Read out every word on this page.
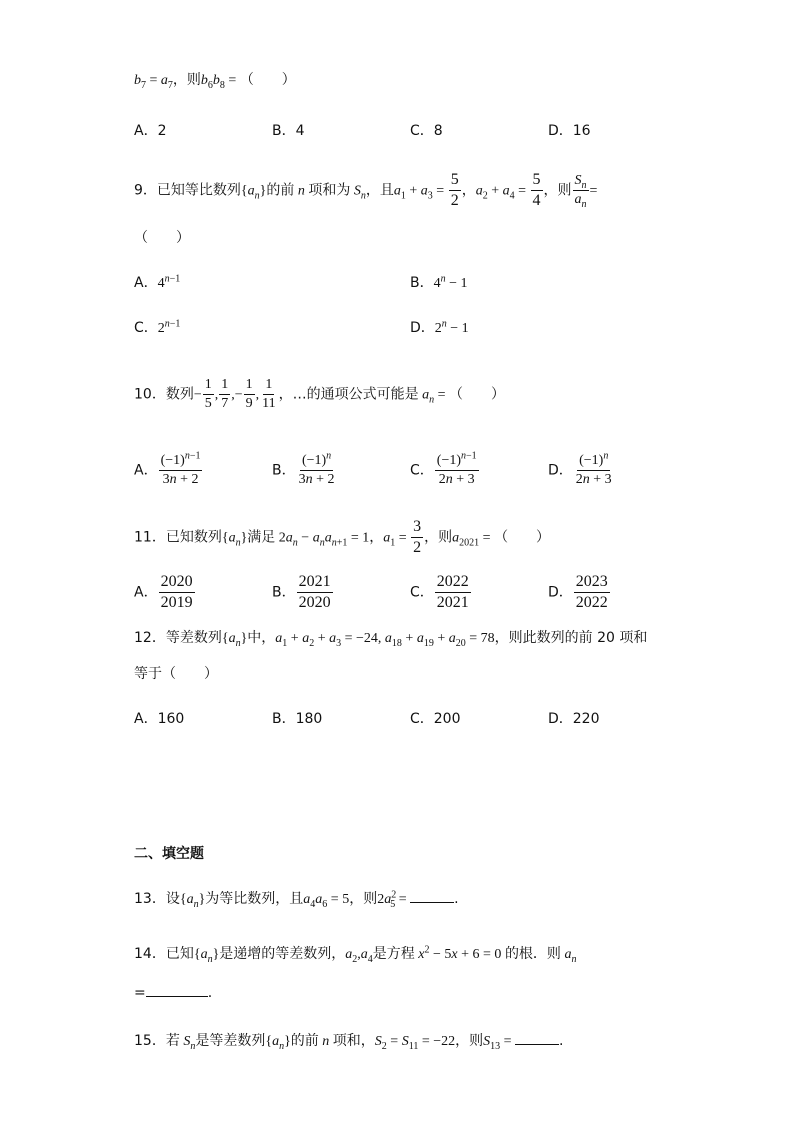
$b_7 = a_7$，则$b_6b_8$ = （　　）
A．2	B．4	C．8	D．16
9．已知等比数列$\{a_n\}$的前 n 项和为 $S_n$，且$a_1 + a_3 = \frac{5}{2}$ ，$a_2 + a_4 = \frac{5}{4}$ ，则 $\frac{S_n}{a_n}$ =
（　　）
A．$4^{n-1}$	B．$4^n - 1$
C．$2^{n-1}$	D．$2^n - 1$
10．数列− $\frac{1}{5}$ , $\frac{1}{7}$ ,− $\frac{1}{9}$ , $\frac{1}{11}$ ，…的通项公式可能是 $a_n$ = （　　）
A． $\frac{(-1)^{n-1}}{3n + 2}$	B． $\frac{(-1)^n}{3n + 2}$	C． $\frac{(-1)^{n-1}}{2n + 3}$	D． $\frac{(-1)^n}{2n + 3}$
11．已知数列$\{a_n\}$满足 $2a_n - a_na_{n+1} = 1$，$a_1 = \frac{3}{2}$ ，则$a_{2021}$ = （　　）
A． $\frac{2020}{2019}$	B． $\frac{2021}{2020}$	C． $\frac{2022}{2021}$	D． $\frac{2023}{2022}$
12．等差数列$\{a_n\}$中，$a_1 + a_2 + a_3 = -24$, $a_{18} + a_{19} + a_{20} = 78$，则此数列的前 20 项和
等于（　　）
A．160	B．180	C．200	D．220
二、填空题
13．设$\{a_n\}$为等比数列，且$a_4a_6 = 5$，则$2a^2_5$ =	.
14．已知$\{a_n\}$是递增的等差数列，$a_2,a_4$是方程 $x^2 - 5x + 6 = 0$ 的根．则 $a_n$
=	.
15．若 $S_n$是等差数列$\{a_n\}$的前 n 项和，$S_2 = S_{11} = -22$，则$S_{13}$ =	.
